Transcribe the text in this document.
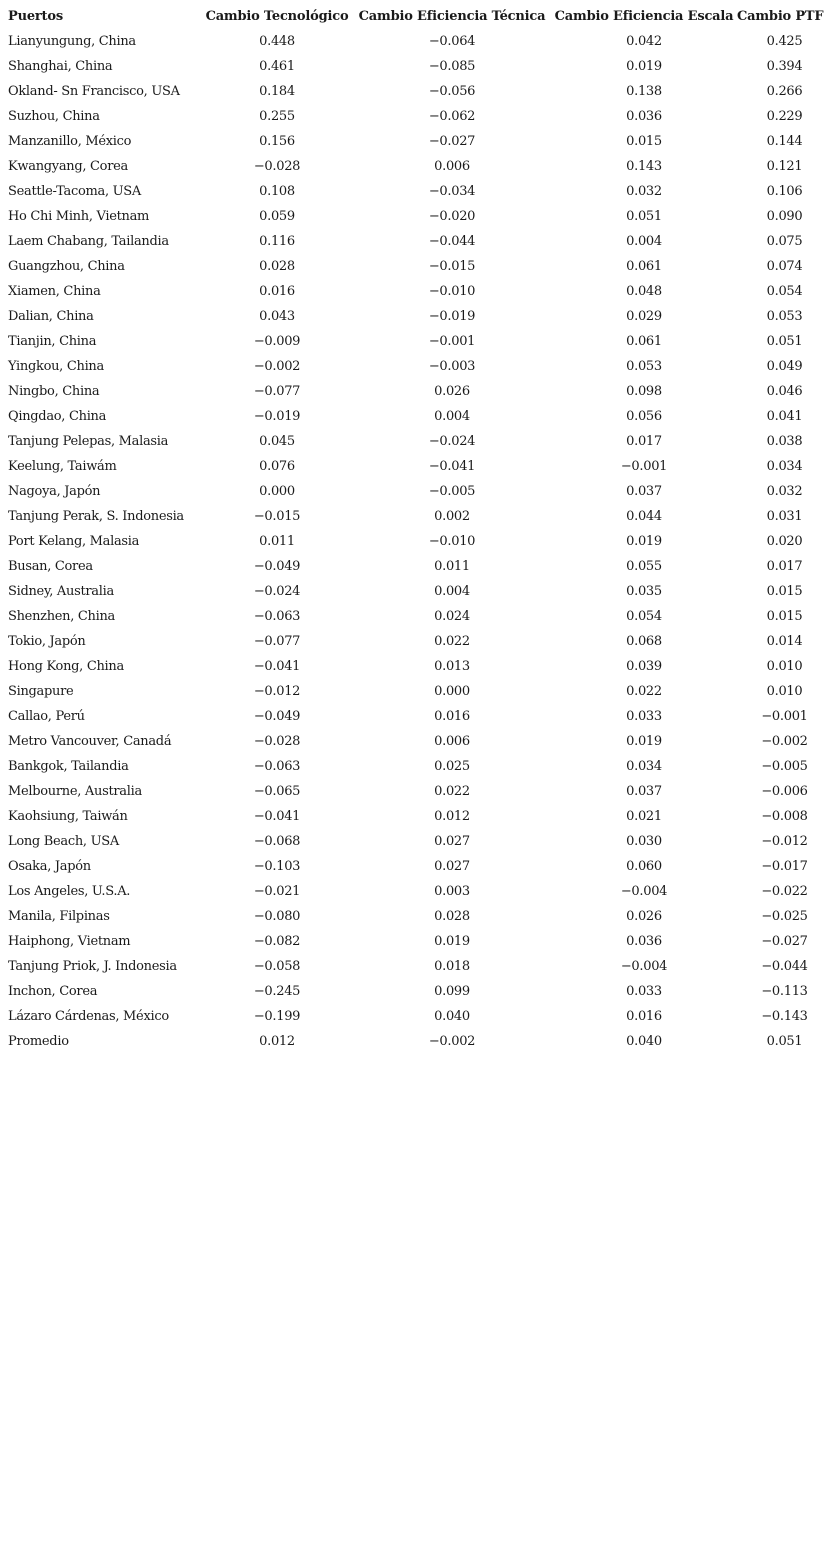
Puertos	Cambio Tecnológico	Cambio Eficiencia Técnica	Cambio Eficiencia Escala	Cambio PTF
Lianyungung, China	0.448	−0.064	0.042	0.425
Shanghai, China	0.461	−0.085	0.019	0.394
Okland- Sn Francisco, USA	0.184	−0.056	0.138	0.266
Suzhou, China	0.255	−0.062	0.036	0.229
Manzanillo, México	0.156	−0.027	0.015	0.144
Kwangyang, Corea	−0.028	0.006	0.143	0.121
Seattle-Tacoma, USA	0.108	−0.034	0.032	0.106
Ho Chi Minh, Vietnam	0.059	−0.020	0.051	0.090
Laem Chabang, Tailandia	0.116	−0.044	0.004	0.075
Guangzhou, China	0.028	−0.015	0.061	0.074
Xiamen, China	0.016	−0.010	0.048	0.054
Dalian, China	0.043	−0.019	0.029	0.053
Tianjin, China	−0.009	−0.001	0.061	0.051
Yingkou, China	−0.002	−0.003	0.053	0.049
Ningbo, China	−0.077	0.026	0.098	0.046
Qingdao, China	−0.019	0.004	0.056	0.041
Tanjung Pelepas, Malasia	0.045	−0.024	0.017	0.038
Keelung, Taiwám	0.076	−0.041	−0.001	0.034
Nagoya, Japón	0.000	−0.005	0.037	0.032
Tanjung Perak, S. Indonesia	−0.015	0.002	0.044	0.031
Port Kelang, Malasia	0.011	−0.010	0.019	0.020
Busan, Corea	−0.049	0.011	0.055	0.017
Sidney, Australia	−0.024	0.004	0.035	0.015
Shenzhen, China	−0.063	0.024	0.054	0.015
Tokio, Japón	−0.077	0.022	0.068	0.014
Hong Kong, China	−0.041	0.013	0.039	0.010
Singapure	−0.012	0.000	0.022	0.010
Callao, Perú	−0.049	0.016	0.033	−0.001
Metro Vancouver, Canadá	−0.028	0.006	0.019	−0.002
Bankgok, Tailandia	−0.063	0.025	0.034	−0.005
Melbourne, Australia	−0.065	0.022	0.037	−0.006
Kaohsiung, Taiwán	−0.041	0.012	0.021	−0.008
Long Beach, USA	−0.068	0.027	0.030	−0.012
Osaka, Japón	−0.103	0.027	0.060	−0.017
Los Angeles, U.S.A.	−0.021	0.003	−0.004	−0.022
Manila, Filpinas	−0.080	0.028	0.026	−0.025
Haiphong, Vietnam	−0.082	0.019	0.036	−0.027
Tanjung Priok, J. Indonesia	−0.058	0.018	−0.004	−0.044
Inchon, Corea	−0.245	0.099	0.033	−0.113
Lázaro Cárdenas, México	−0.199	0.040	0.016	−0.143
Promedio	0.012	−0.002	0.040	0.051
